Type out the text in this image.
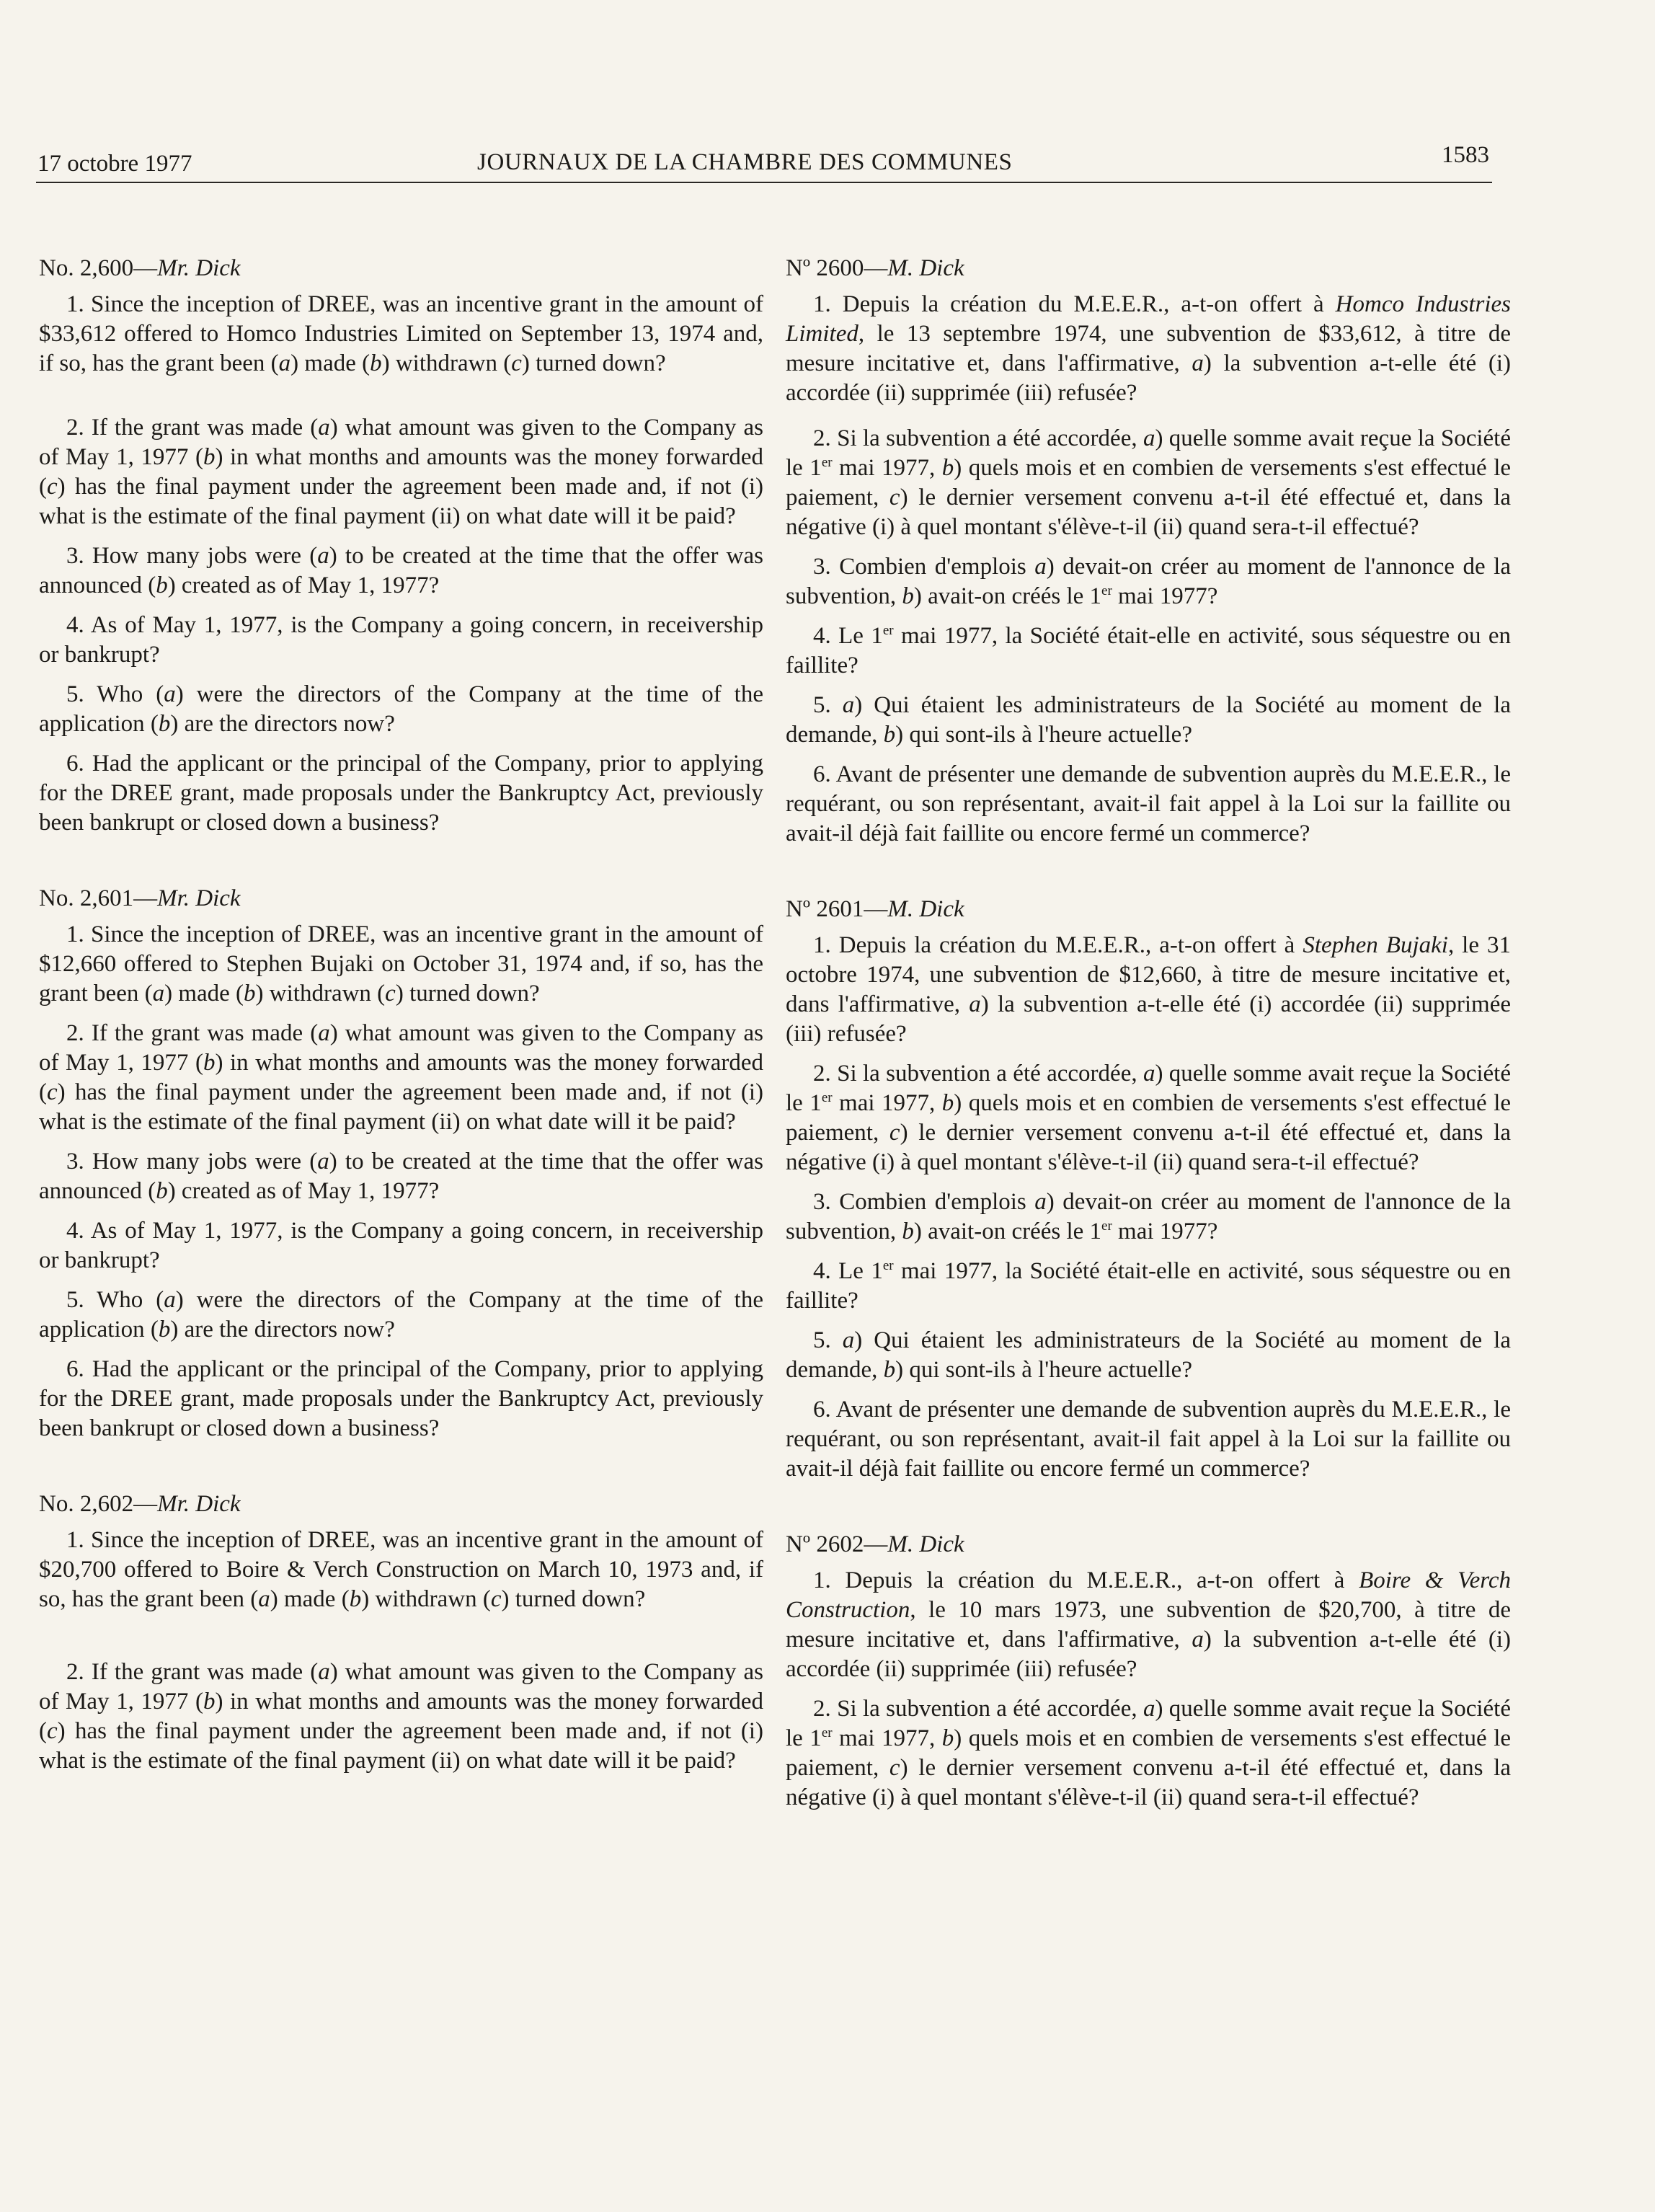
17 octobre 1977	JOURNAUX DE LA CHAMBRE DES COMMUNES	1583
No. 2,600—Mr. Dick
1. Since the inception of DREE, was an incentive grant in the amount of $33,612 offered to Homco Industries Limited on September 13, 1974 and, if so, has the grant been (a) made (b) withdrawn (c) turned down?
2. If the grant was made (a) what amount was given to the Company as of May 1, 1977 (b) in what months and amounts was the money forwarded (c) has the final payment under the agreement been made and, if not (i) what is the estimate of the final payment (ii) on what date will it be paid?
3. How many jobs were (a) to be created at the time that the offer was announced (b) created as of May 1, 1977?
4. As of May 1, 1977, is the Company a going concern, in receivership or bankrupt?
5. Who (a) were the directors of the Company at the time of the application (b) are the directors now?
6. Had the applicant or the principal of the Company, prior to applying for the DREE grant, made proposals under the Bankruptcy Act, previously been bankrupt or closed down a business?
No. 2,601—Mr. Dick
1. Since the inception of DREE, was an incentive grant in the amount of $12,660 offered to Stephen Bujaki on October 31, 1974 and, if so, has the grant been (a) made (b) withdrawn (c) turned down?
2. If the grant was made (a) what amount was given to the Company as of May 1, 1977 (b) in what months and amounts was the money forwarded (c) has the final payment under the agreement been made and, if not (i) what is the estimate of the final payment (ii) on what date will it be paid?
3. How many jobs were (a) to be created at the time that the offer was announced (b) created as of May 1, 1977?
4. As of May 1, 1977, is the Company a going concern, in receivership or bankrupt?
5. Who (a) were the directors of the Company at the time of the application (b) are the directors now?
6. Had the applicant or the principal of the Company, prior to applying for the DREE grant, made proposals under the Bankruptcy Act, previously been bankrupt or closed down a business?
No. 2,602—Mr. Dick
1. Since the inception of DREE, was an incentive grant in the amount of $20,700 offered to Boire & Verch Construction on March 10, 1973 and, if so, has the grant been (a) made (b) withdrawn (c) turned down?
2. If the grant was made (a) what amount was given to the Company as of May 1, 1977 (b) in what months and amounts was the money forwarded (c) has the final payment under the agreement been made and, if not (i) what is the estimate of the final payment (ii) on what date will it be paid?
Nº 2600—M. Dick
1. Depuis la création du M.E.E.R., a-t-on offert à Homco Industries Limited, le 13 septembre 1974, une subvention de $33,612, à titre de mesure incitative et, dans l'affirmative, a) la subvention a-t-elle été (i) accordée (ii) supprimée (iii) refusée?
2. Si la subvention a été accordée, a) quelle somme avait reçue la Société le 1er mai 1977, b) quels mois et en combien de versements s'est effectué le paiement, c) le dernier versement convenu a-t-il été effectué et, dans la négative (i) à quel montant s'élève-t-il (ii) quand sera-t-il effectué?
3. Combien d'emplois a) devait-on créer au moment de l'annonce de la subvention, b) avait-on créés le 1er mai 1977?
4. Le 1er mai 1977, la Société était-elle en activité, sous séquestre ou en faillite?
5. a) Qui étaient les administrateurs de la Société au moment de la demande, b) qui sont-ils à l'heure actuelle?
6. Avant de présenter une demande de subvention auprès du M.E.E.R., le requérant, ou son représentant, avait-il fait appel à la Loi sur la faillite ou avait-il déjà fait faillite ou encore fermé un commerce?
Nº 2601—M. Dick
1. Depuis la création du M.E.E.R., a-t-on offert à Stephen Bujaki, le 31 octobre 1974, une subvention de $12,660, à titre de mesure incitative et, dans l'affirmative, a) la subvention a-t-elle été (i) accordée (ii) supprimée (iii) refusée?
2. Si la subvention a été accordée, a) quelle somme avait reçue la Société le 1er mai 1977, b) quels mois et en combien de versements s'est effectué le paiement, c) le dernier versement convenu a-t-il été effectué et, dans la négative (i) à quel montant s'élève-t-il (ii) quand sera-t-il effectué?
3. Combien d'emplois a) devait-on créer au moment de l'annonce de la subvention, b) avait-on créés le 1er mai 1977?
4. Le 1er mai 1977, la Société était-elle en activité, sous séquestre ou en faillite?
5. a) Qui étaient les administrateurs de la Société au moment de la demande, b) qui sont-ils à l'heure actuelle?
6. Avant de présenter une demande de subvention auprès du M.E.E.R., le requérant, ou son représentant, avait-il fait appel à la Loi sur la faillite ou avait-il déjà fait faillite ou encore fermé un commerce?
Nº 2602—M. Dick
1. Depuis la création du M.E.E.R., a-t-on offert à Boire & Verch Construction, le 10 mars 1973, une subvention de $20,700, à titre de mesure incitative et, dans l'affirmative, a) la subvention a-t-elle été (i) accordée (ii) supprimée (iii) refusée?
2. Si la subvention a été accordée, a) quelle somme avait reçue la Société le 1er mai 1977, b) quels mois et en combien de versements s'est effectué le paiement, c) le dernier versement convenu a-t-il été effectué et, dans la négative (i) à quel montant s'élève-t-il (ii) quand sera-t-il effectué?
